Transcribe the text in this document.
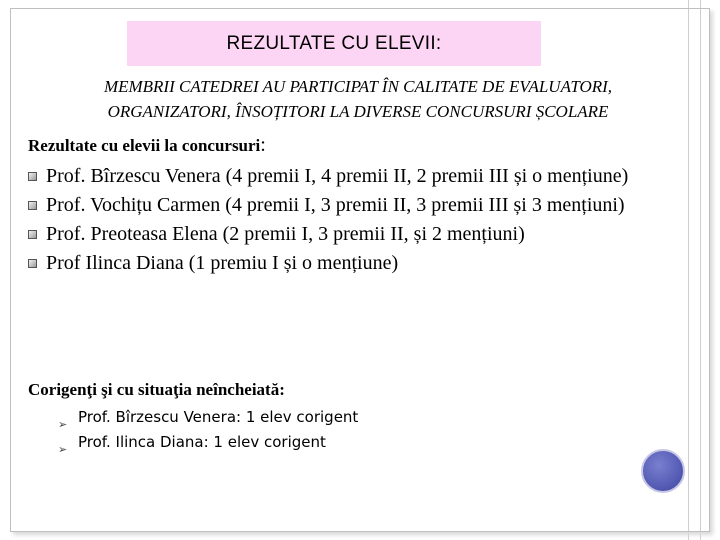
REZULTATE CU ELEVII:
MEMBRII CATEDREI AU PARTICIPAT ÎN CALITATE DE EVALUATORI,
ORGANIZATORI, ÎNSOȚITORI LA DIVERSE CONCURSURI ȘCOLARE
Rezultate cu elevii la concursuri:
Prof. Bîrzescu Venera (4 premii I, 4 premii II, 2 premii III și o mențiune)
Prof. Vochițu Carmen (4 premii I, 3 premii II, 3 premii III și 3 mențiuni)
Prof. Preoteasa Elena (2 premii I, 3 premii II, și 2 mențiuni)
Prof Ilinca Diana (1 premiu I și o mențiune)
Corigenţi şi cu situaţia neîncheiată:
➢ Prof. Bîrzescu Venera: 1 elev corigent
➢ Prof. Ilinca Diana: 1 elev corigent
